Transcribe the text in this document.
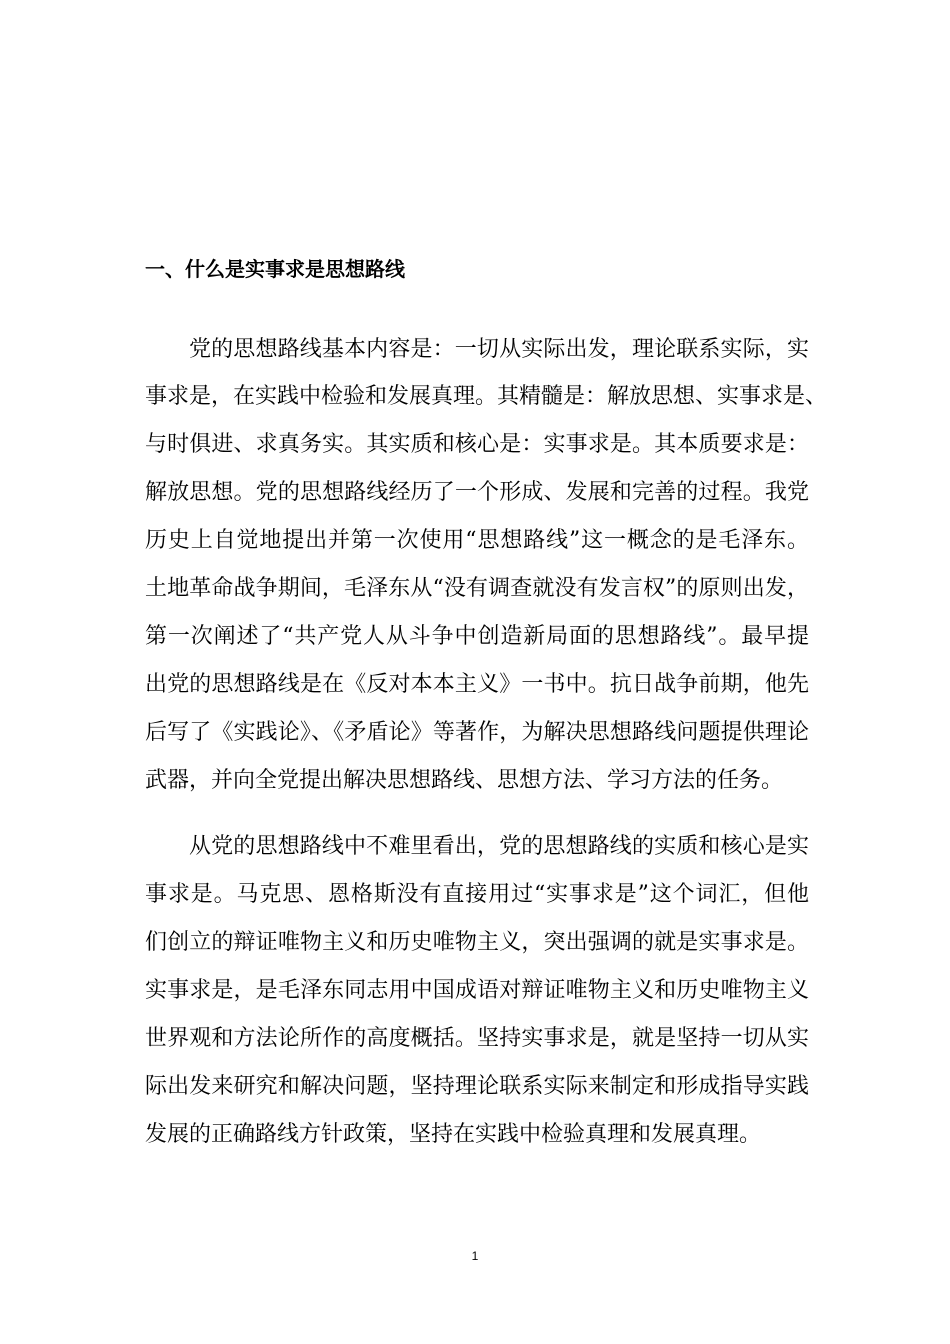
一、什么是实事求是思想路线
党的思想路线基本内容是：一切从实际出发，理论联系实际，实
事求是，在实践中检验和发展真理。其精髓是：解放思想、实事求是、
与时俱进、求真务实。其实质和核心是：实事求是。其本质要求是：
解放思想。党的思想路线经历了一个形成、发展和完善的过程。我党
历史上自觉地提出并第一次使用“思想路线”这一概念的是毛泽东。
土地革命战争期间，毛泽东从“没有调查就没有发言权”的原则出发，
第一次阐述了“共产党人从斗争中创造新局面的思想路线”。最早提
出党的思想路线是在《反对本本主义》一书中。抗日战争前期，他先
后写了《实践论》、《矛盾论》等著作，为解决思想路线问题提供理论
武器，并向全党提出解决思想路线、思想方法、学习方法的任务。
从党的思想路线中不难里看出，党的思想路线的实质和核心是实
事求是。马克思、恩格斯没有直接用过“实事求是”这个词汇，但他
们创立的辩证唯物主义和历史唯物主义，突出强调的就是实事求是。
实事求是，是毛泽东同志用中国成语对辩证唯物主义和历史唯物主义
世界观和方法论所作的高度概括。坚持实事求是，就是坚持一切从实
际出发来研究和解决问题，坚持理论联系实际来制定和形成指导实践
发展的正确路线方针政策，坚持在实践中检验真理和发展真理。
1
